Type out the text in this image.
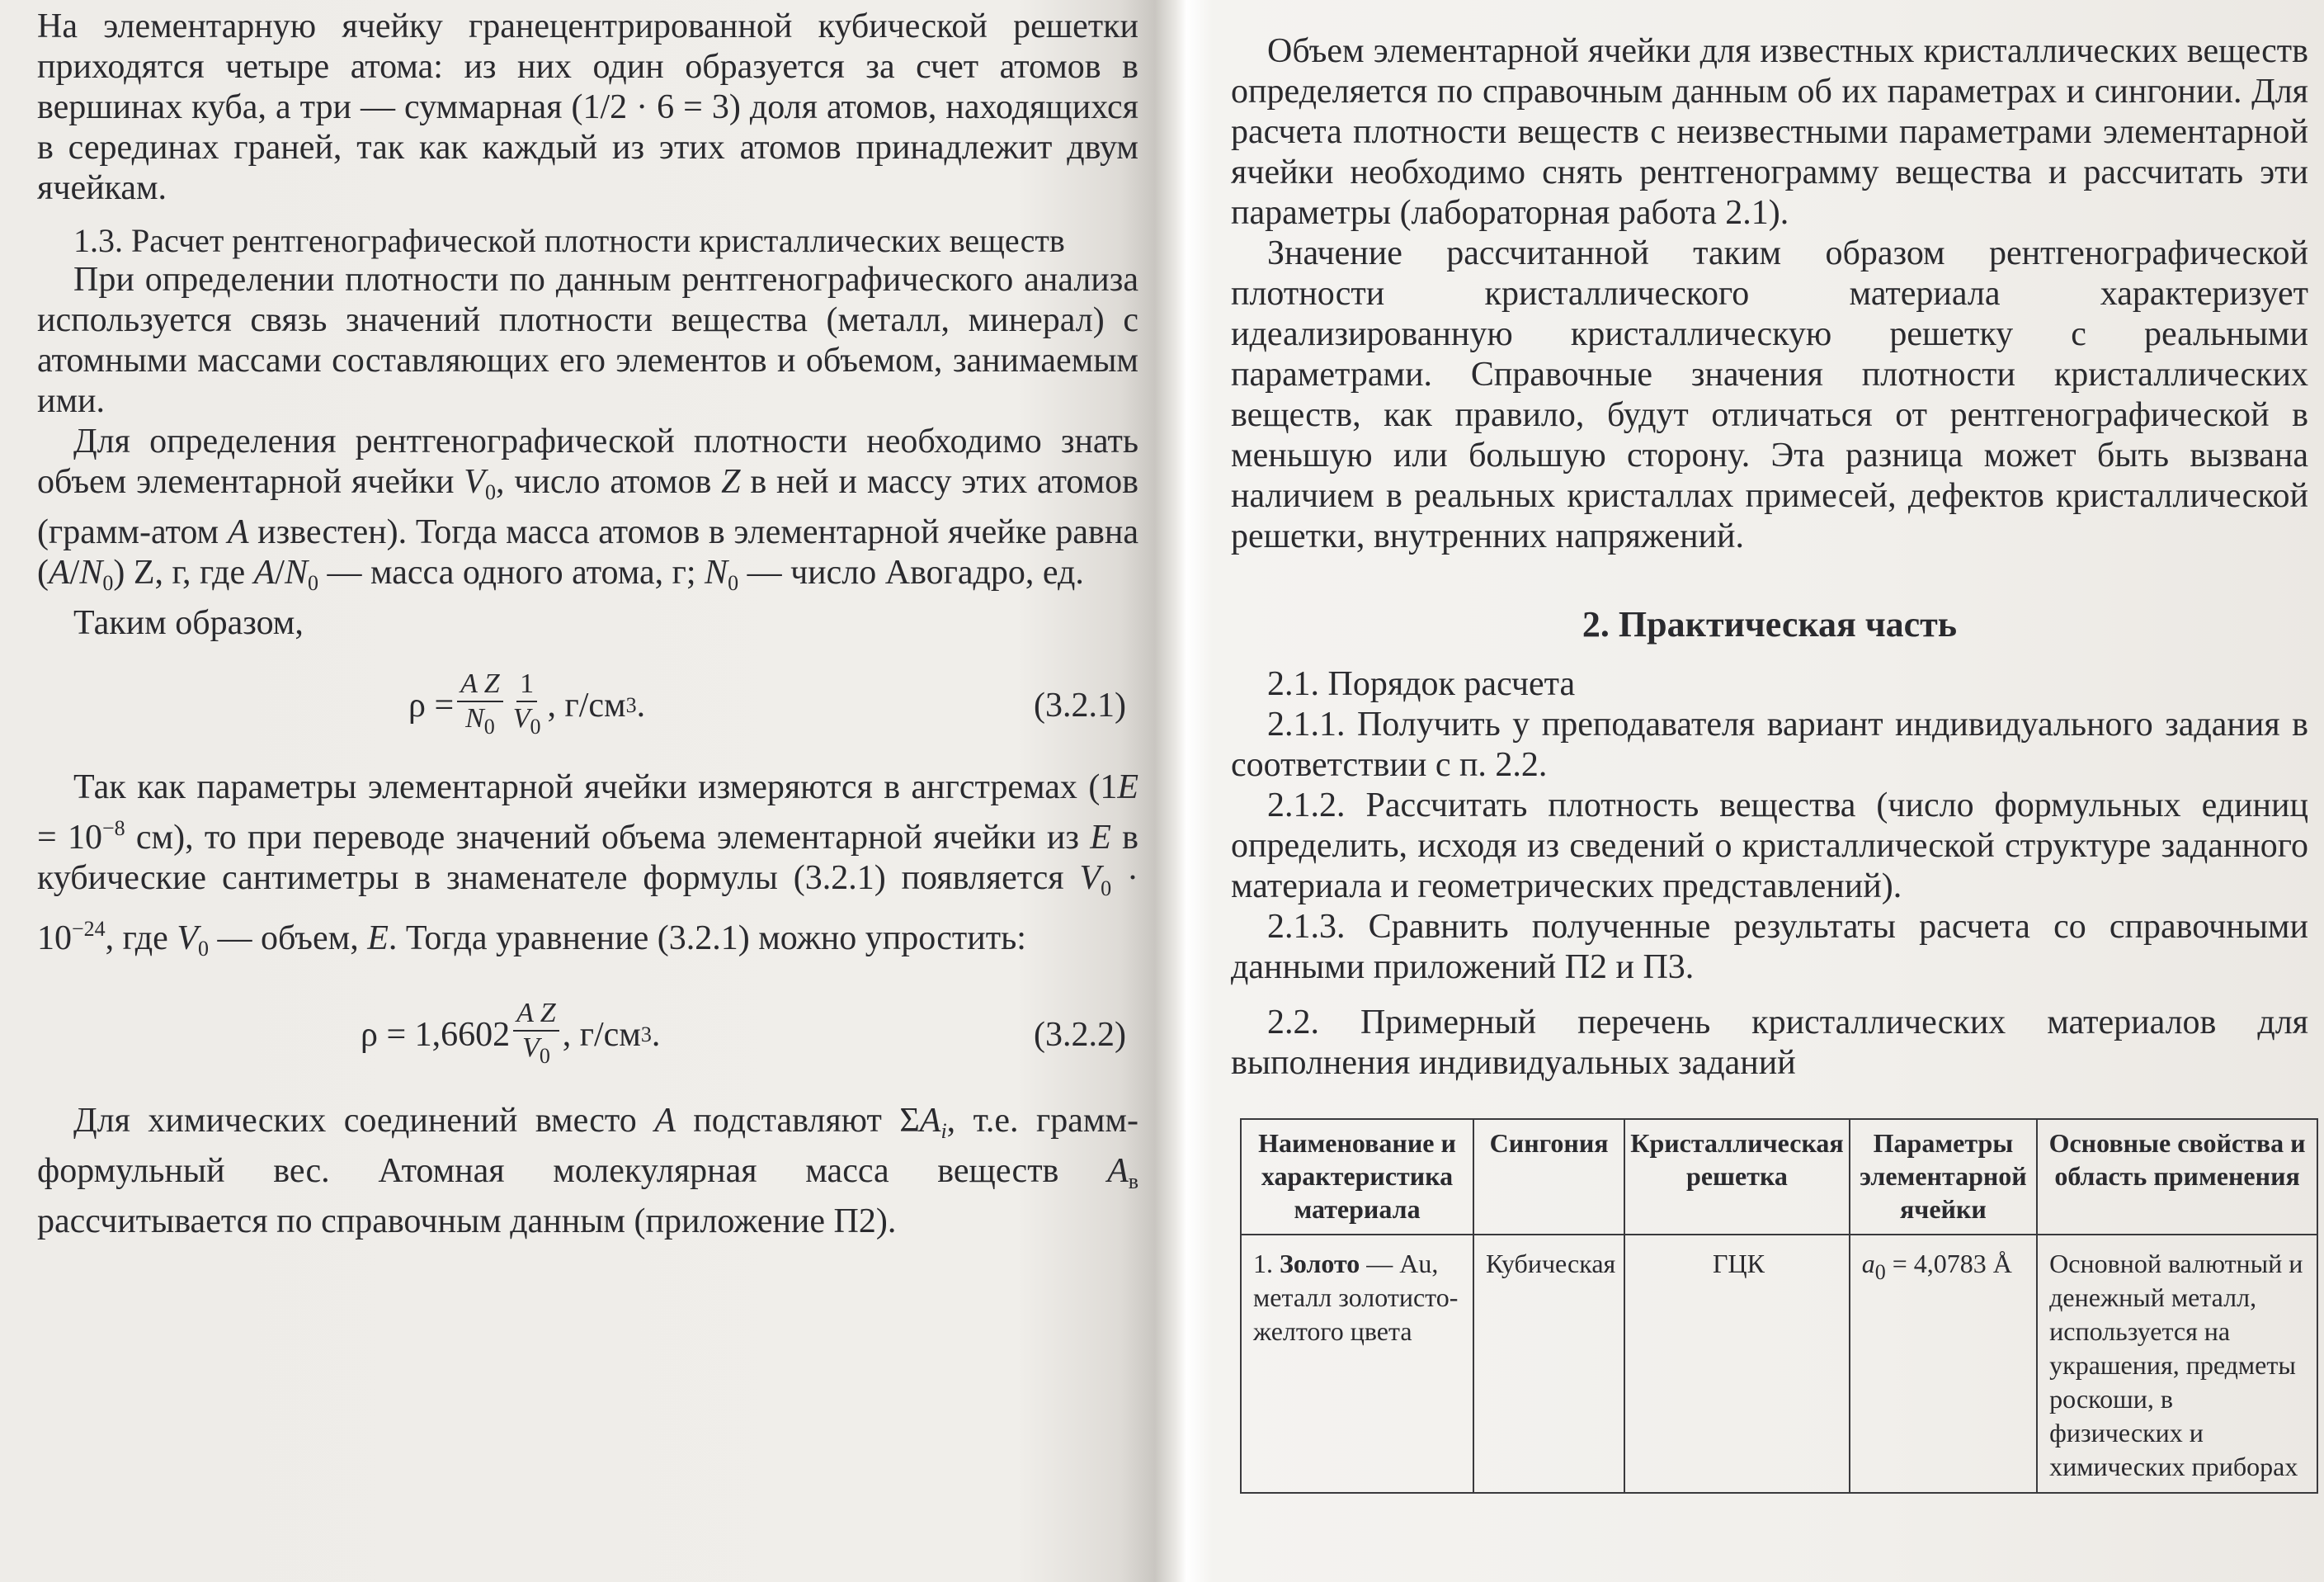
На элементарную ячейку гранецентрированной кубической решетки приходятся четыре атома: из них один образуется за счет атомов в вершинах куба, а три — суммарная (1/2 · 6 = 3) доля атомов, находящихся в серединах граней, так как каждый из этих атомов принадлежит двум ячейкам.

1.3. Расчет рентгенографической плотности кристаллических веществ

При определении плотности по данным рентгенографического анализа используется связь значений плотности вещества (металл, минерал) с атомными массами составляющих его элементов и объемом, занимаемым ими.

Для определения рентгенографической плотности необходимо знать объем элементарной ячейки $V_0$, число атомов Z в ней и массу этих атомов (грамм-атом A известен). Тогда масса атомов в элементарной ячейке равна $(A/N_0)$ Z, г, где $A/N_0$ — масса одного атома, г; $N_0$ — число Авогадро, ед.

Таким образом,

$\rho = \frac{\text{A Z}}{N_0} \frac{1}{V_0}$ , г/см 3 .	(3.2.1)

Так как параметры элементарной ячейки измеряются в ангстремах ($1E = 10^{-8}$ см), то при переводе значений объема элементарной ячейки из E в кубические сантиметры в знаменателе формулы (3.2.1) появляется $V_0 \cdot 10^{-24}$, где $V_0$ — объем, E. Тогда уравнение (3.2.1) можно упростить:

$\rho = 1,6602 \frac{\text{A Z}}{V_0}$ , г/см 3 .	(3.2.2)

Для химических соединений вместо A подставляют $\Sigma A_i$, т.е. грамм-формульный вес. Атомная молекулярная масса веществ $A_в$ рассчитывается по справочным данным (приложение П2).

Объем элементарной ячейки для известных кристаллических веществ определяется по справочным данным об их параметрах и сингонии. Для расчета плотности веществ с неизвестными параметрами элементарной ячейки необходимо снять рентгенограмму вещества и рассчитать эти параметры (лабораторная работа 2.1).

Значение рассчитанной таким образом рентгенографической плотности кристаллического материала характеризует идеализированную кристаллическую решетку с реальными параметрами. Справочные значения плотности кристаллических веществ, как правило, будут отличаться от рентгенографической в меньшую или большую сторону. Эта разница может быть вызвана наличием в реальных кристаллах примесей, дефектов кристаллической решетки, внутренних напряжений.

2. Практическая часть

2.1. Порядок расчета

2.1.1. Получить у преподавателя вариант индивидуального задания в соответствии с п. 2.2.

2.1.2. Рассчитать плотность вещества (число формульных единиц определить, исходя из сведений о кристаллической структуре заданного материала и геометрических представлений).

2.1.3. Сравнить полученные результаты расчета со справочными данными приложений П2 и П3.

2.2. Примерный перечень кристаллических материалов для выполнения индивидуальных заданий

Наименование и характеристика материала	Сингония	Кристаллическая решетка	Параметры элементарной ячейки	Основные свойства и область применения
1. Золото — Au, металл золотисто-желтого цвета	Кубическая	ГЦК	$a_0 = 4,0783$ Å	Основной валютный и денежный металл, используется на украшения, предметы роскоши, в физических и химических приборах
